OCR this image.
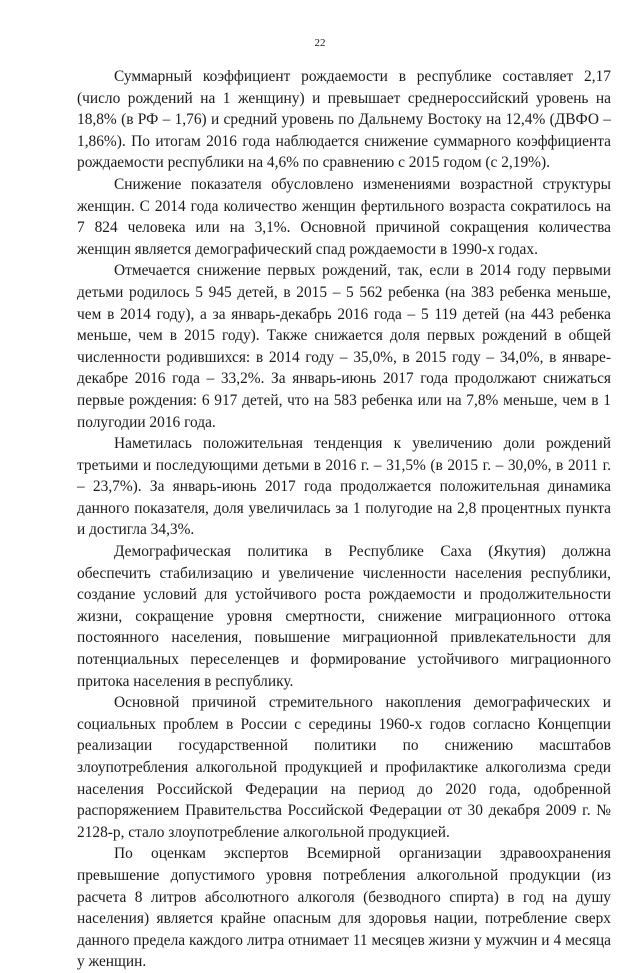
22

Суммарный коэффициент рождаемости в республике составляет 2,17 (число рождений на 1 женщину) и превышает среднероссийский уровень на 18,8% (в РФ – 1,76) и средний уровень по Дальнему Востоку на 12,4% (ДВФО – 1,86%). По итогам 2016 года наблюдается снижение суммарного коэффициента рождаемости республики на 4,6% по сравнению с 2015 годом (с 2,19%).

Снижение показателя обусловлено изменениями возрастной структуры женщин. С 2014 года количество женщин фертильного возраста сократилось на 7 824 человека или на 3,1%. Основной причиной сокращения количества женщин является демографический спад рождаемости в 1990-х годах.

Отмечается снижение первых рождений, так, если в 2014 году первыми детьми родилось 5 945 детей, в 2015 – 5 562 ребенка (на 383 ребенка меньше, чем в 2014 году), а за январь-декабрь 2016 года – 5 119 детей (на 443 ребенка меньше, чем в 2015 году). Также снижается доля первых рождений в общей численности родившихся: в 2014 году – 35,0%, в 2015 году – 34,0%, в январе-декабре 2016 года – 33,2%. За январь-июнь 2017 года продолжают снижаться первые рождения: 6 917 детей, что на 583 ребенка или на 7,8% меньше, чем в 1 полугодии 2016 года.

Наметилась положительная тенденция к увеличению доли рождений третьими и последующими детьми в 2016 г. – 31,5% (в 2015 г. – 30,0%, в 2011 г. – 23,7%). За январь-июнь 2017 года продолжается положительная динамика данного показателя, доля увеличилась за 1 полугодие на 2,8 процентных пункта и достигла 34,3%.

Демографическая политика в Республике Саха (Якутия) должна обеспечить стабилизацию и увеличение численности населения республики, создание условий для устойчивого роста рождаемости и продолжительности жизни, сокращение уровня смертности, снижение миграционного оттока постоянного населения, повышение миграционной привлекательности для потенциальных переселенцев и формирование устойчивого миграционного притока населения в республику.

Основной причиной стремительного накопления демографических и социальных проблем в России с середины 1960-х годов согласно Концепции реализации государственной политики по снижению масштабов злоупотребления алкогольной продукцией и профилактике алкоголизма среди населения Российской Федерации на период до 2020 года, одобренной распоряжением Правительства Российской Федерации от 30 декабря 2009 г. № 2128-р, стало злоупотребление алкогольной продукцией.

По оценкам экспертов Всемирной организации здравоохранения превышение допустимого уровня потребления алкогольной продукции (из расчета 8 литров абсолютного алкоголя (безводного спирта) в год на душу населения) является крайне опасным для здоровья нации, потребление сверх данного предела каждого литра отнимает 11 месяцев жизни у мужчин и 4 месяца у женщин.
